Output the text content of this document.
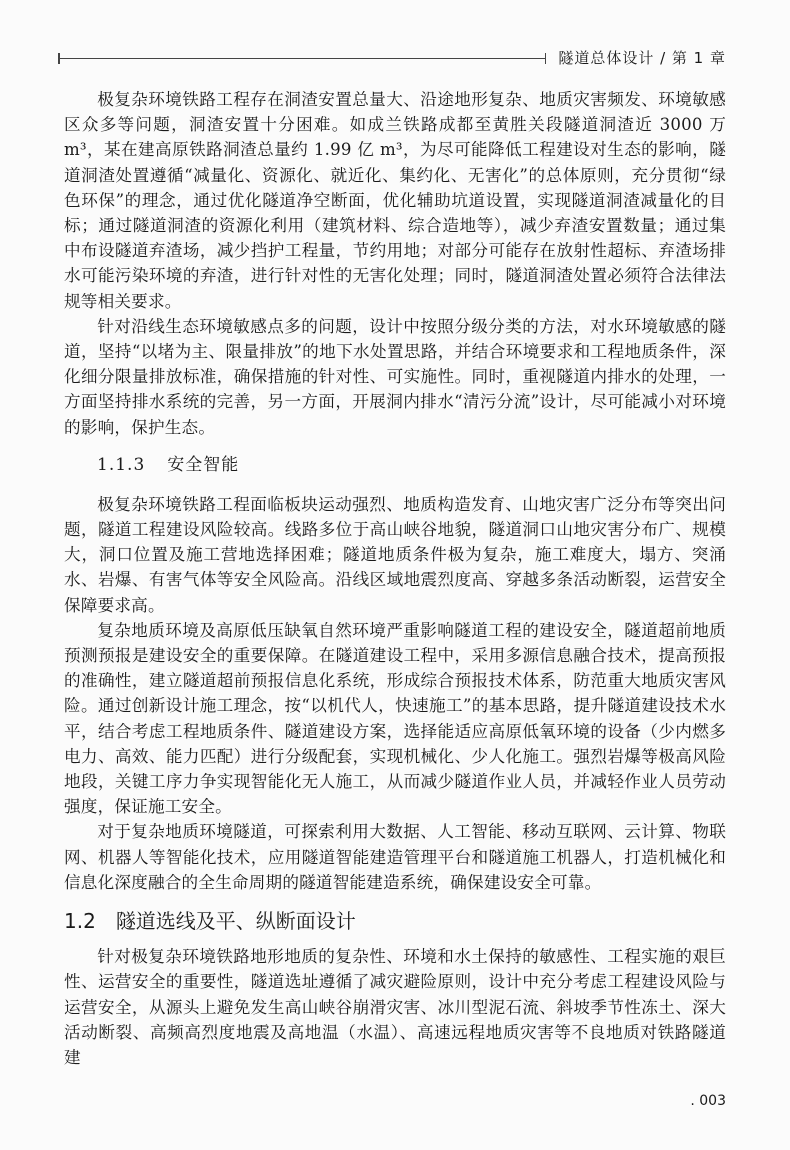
隧道总体设计 / 第 1 章

极复杂环境铁路工程存在洞渣安置总量大、沿途地形复杂、地质灾害频发、环境敏感区众多等问题，洞渣安置十分困难。如成兰铁路成都至黄胜关段隧道洞渣近 3000 万 m³，某在建高原铁路洞渣总量约 1.99 亿 m³，为尽可能降低工程建设对生态的影响，隧道洞渣处置遵循“减量化、资源化、就近化、集约化、无害化”的总体原则，充分贯彻“绿色环保”的理念，通过优化隧道净空断面，优化辅助坑道设置，实现隧道洞渣减量化的目标；通过隧道洞渣的资源化利用（建筑材料、综合造地等），减少弃渣安置数量；通过集中布设隧道弃渣场，减少挡护工程量，节约用地；对部分可能存在放射性超标、弃渣场排水可能污染环境的弃渣，进行针对性的无害化处理；同时，隧道洞渣处置必须符合法律法规等相关要求。

针对沿线生态环境敏感点多的问题，设计中按照分级分类的方法，对水环境敏感的隧道，坚持“以堵为主、限量排放”的地下水处置思路，并结合环境要求和工程地质条件，深化细分限量排放标准，确保措施的针对性、可实施性。同时，重视隧道内排水的处理，一方面坚持排水系统的完善，另一方面，开展洞内排水“清污分流”设计，尽可能减小对环境的影响，保护生态。

1.1.3 安全智能

极复杂环境铁路工程面临板块运动强烈、地质构造发育、山地灾害广泛分布等突出问题，隧道工程建设风险较高。线路多位于高山峡谷地貌，隧道洞口山地灾害分布广、规模大，洞口位置及施工营地选择困难；隧道地质条件极为复杂，施工难度大，塌方、突涌水、岩爆、有害气体等安全风险高。沿线区域地震烈度高、穿越多条活动断裂，运营安全保障要求高。

复杂地质环境及高原低压缺氧自然环境严重影响隧道工程的建设安全，隧道超前地质预测预报是建设安全的重要保障。在隧道建设工程中，采用多源信息融合技术，提高预报的准确性，建立隧道超前预报信息化系统，形成综合预报技术体系，防范重大地质灾害风险。通过创新设计施工理念，按“以机代人，快速施工”的基本思路，提升隧道建设技术水平，结合考虑工程地质条件、隧道建设方案，选择能适应高原低氧环境的设备（少内燃多电力、高效、能力匹配）进行分级配套，实现机械化、少人化施工。强烈岩爆等极高风险地段，关键工序力争实现智能化无人施工，从而减少隧道作业人员，并减轻作业人员劳动强度，保证施工安全。

对于复杂地质环境隧道，可探索利用大数据、人工智能、移动互联网、云计算、物联网、机器人等智能化技术，应用隧道智能建造管理平台和隧道施工机器人，打造机械化和信息化深度融合的全生命周期的隧道智能建造系统，确保建设安全可靠。

1.2 隧道选线及平、纵断面设计

针对极复杂环境铁路地形地质的复杂性、环境和水土保持的敏感性、工程实施的艰巨性、运营安全的重要性，隧道选址遵循了减灾避险原则，设计中充分考虑工程建设风险与运营安全，从源头上避免发生高山峡谷崩滑灾害、冰川型泥石流、斜坡季节性冻土、深大活动断裂、高频高烈度地震及高地温（水温）、高速远程地质灾害等不良地质对铁路隧道建

. 003
